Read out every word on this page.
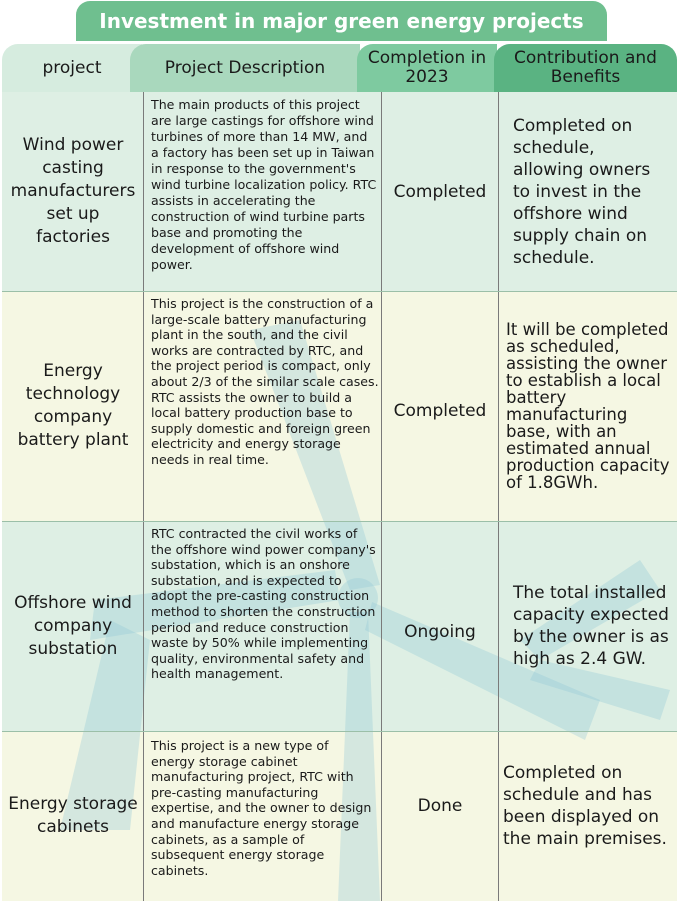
Investment in major green energy projects
project	Project Description	Completion in 2023
Contribution and Benefits
Wind power casting manufacturers set up factories
The main products of this project are large castings for offshore wind turbines of more than 14 MW, and a factory has been set up in Taiwan in response to the government's wind turbine localization policy. RTC assists in accelerating the construction of wind turbine parts base and promoting the development of offshore wind power.
Completed
Completed on schedule, allowing owners to invest in the offshore wind supply chain on schedule.
Energy technology company battery plant
This project is the construction of a large-scale battery manufacturing plant in the south, and the civil works are contracted by RTC, and the project period is compact, only about 2/3 of the similar scale cases. RTC assists the owner to build a local battery production base to supply domestic and foreign green electricity and energy storage needs in real time.
Completed
It will be completed as scheduled, assisting the owner to establish a local battery manufacturing base, with an estimated annual production capacity of 1.8GWh.
Offshore wind company substation
RTC contracted the civil works of the offshore wind power company's substation, which is an onshore substation, and is expected to adopt the pre-casting construction method to shorten the construction period and reduce construction waste by 50% while implementing quality, environmental safety and health management.
Ongoing
The total installed capacity expected by the owner is as high as 2.4 GW.
Energy storage cabinets
This project is a new type of energy storage cabinet manufacturing project, RTC with pre-casting manufacturing expertise, and the owner to design and manufacture energy storage cabinets, as a sample of subsequent energy storage cabinets.
Done
Completed on schedule and has been displayed on the main premises.
